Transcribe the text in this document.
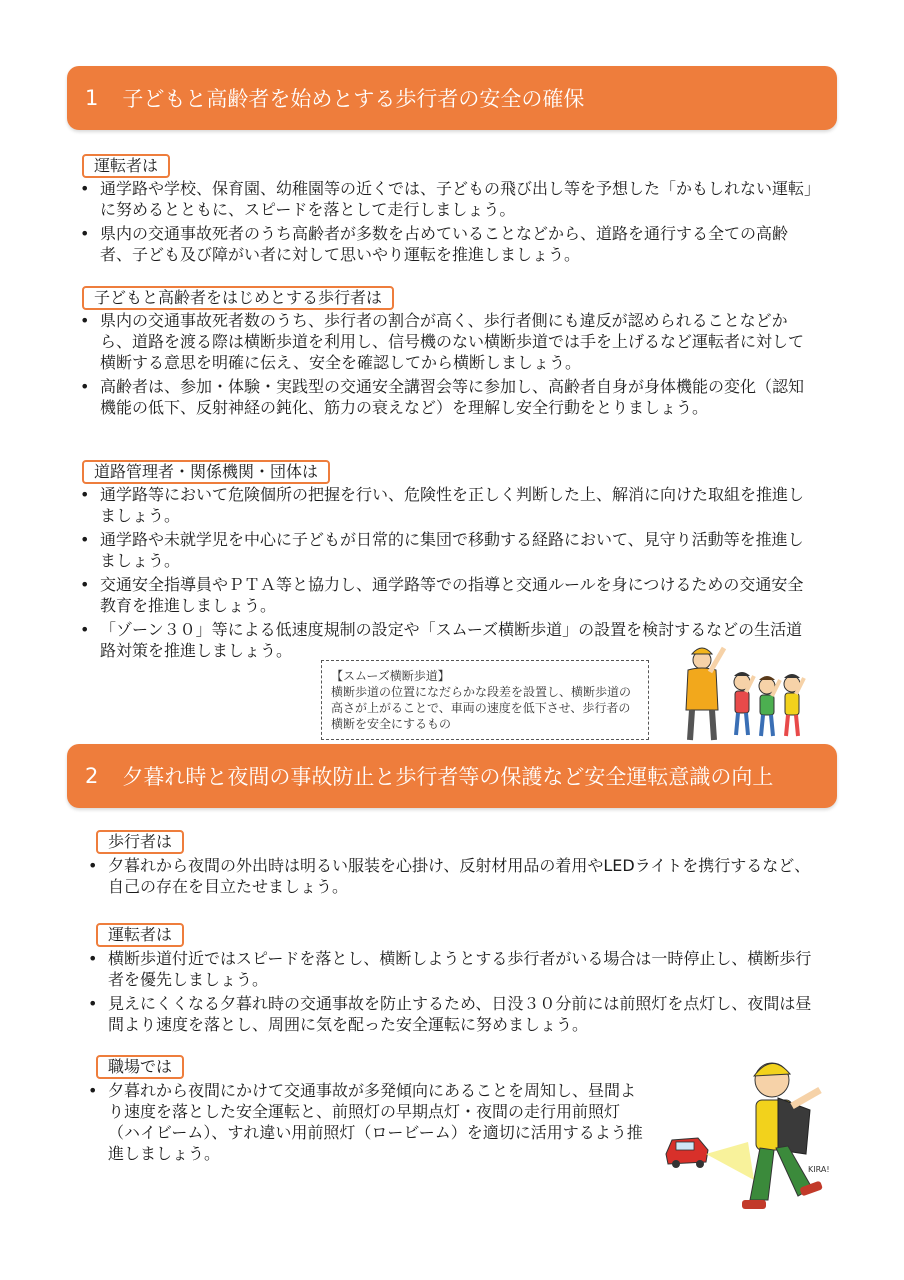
1 子どもと高齢者を始めとする歩行者の安全の確保
運転者は
• 通学路や学校、保育園、幼稚園等の近くでは、子どもの飛び出し等を予想した「かもしれない運転」に努めるとともに、スピードを落として走行しましょう。
• 県内の交通事故死者のうち高齢者が多数を占めていることなどから、道路を通行する全ての高齢者、子ども及び障がい者に対して思いやり運転を推進しましょう。
子どもと高齢者をはじめとする歩行者は
• 県内の交通事故死者数のうち、歩行者の割合が高く、歩行者側にも違反が認められることなどから、道路を渡る際は横断歩道を利用し、信号機のない横断歩道では手を上げるなど運転者に対して横断する意思を明確に伝え、安全を確認してから横断しましょう。
• 高齢者は、参加・体験・実践型の交通安全講習会等に参加し、高齢者自身が身体機能の変化（認知機能の低下、反射神経の鈍化、筋力の衰えなど）を理解し安全行動をとりましょう。
道路管理者・関係機関・団体は
• 通学路等において危険個所の把握を行い、危険性を正しく判断した上、解消に向けた取組を推進しましょう。
• 通学路や未就学児を中心に子どもが日常的に集団で移動する経路において、見守り活動等を推進しましょう。
• 交通安全指導員やＰＴＡ等と協力し、通学路等での指導と交通ルールを身につけるための交通安全教育を推進しましょう。
• 「ゾーン３０」等による低速度規制の設定や「スムーズ横断歩道」の設置を検討するなどの生活道路対策を推進しましょう。

【スムーズ横断歩道】

横断歩道の位置になだらかな段差を設置し、横断歩道の高さが上がることで、車両の速度を低下させ、歩行者の横断を安全にするもの

2 夕暮れ時と夜間の事故防止と歩行者等の保護など安全運転意識の向上
歩行者は
• 夕暮れから夜間の外出時は明るい服装を心掛け、反射材用品の着用やLEDライトを携行するなど、自己の存在を目立たせましょう。
運転者は
• 横断歩道付近ではスピードを落とし、横断しようとする歩行者がいる場合は一時停止し、横断歩行者を優先しましょう。
• 見えにくくなる夕暮れ時の交通事故を防止するため、日没３０分前には前照灯を点灯し、夜間は昼間より速度を落とし、周囲に気を配った安全運転に努めましょう。
職場では
• 夕暮れから夜間にかけて交通事故が多発傾向にあることを周知し、昼間より速度を落とした安全運転と、前照灯の早期点灯・夜間の走行用前照灯（ハイビーム）、すれ違い用前照灯（ロービーム）を適切に活用するよう推進しましょう。
KIRA!
